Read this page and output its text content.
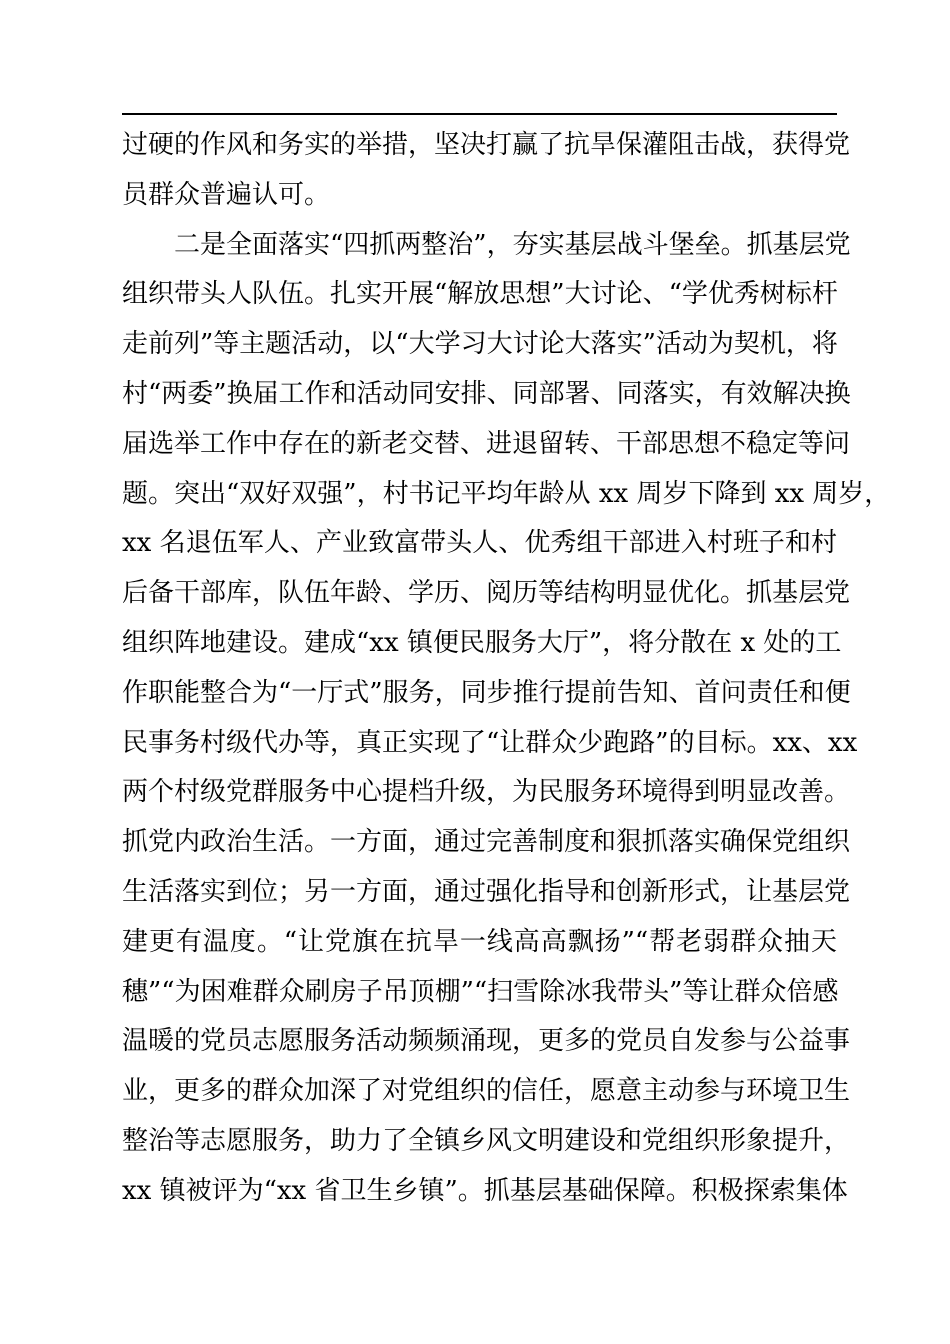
过硬的作风和务实的举措，坚决打赢了抗旱保灌阻击战，获得党
员群众普遍认可。
　　二是全面落实“四抓两整治”，夯实基层战斗堡垒。抓基层党
组织带头人队伍。扎实开展“解放思想”大讨论、“学优秀树标杆
走前列”等主题活动，以“大学习大讨论大落实”活动为契机，将
村“两委”换届工作和活动同安排、同部署、同落实，有效解决换
届选举工作中存在的新老交替、进退留转、干部思想不稳定等问
题。突出“双好双强”，村书记平均年龄从 xx 周岁下降到 xx 周岁，
xx 名退伍军人、产业致富带头人、优秀组干部进入村班子和村
后备干部库，队伍年龄、学历、阅历等结构明显优化。抓基层党
组织阵地建设。建成“xx 镇便民服务大厅”，将分散在 x 处的工
作职能整合为“一厅式”服务，同步推行提前告知、首问责任和便
民事务村级代办等，真正实现了“让群众少跑路”的目标。xx、xx
两个村级党群服务中心提档升级，为民服务环境得到明显改善。
抓党内政治生活。一方面，通过完善制度和狠抓落实确保党组织
生活落实到位；另一方面，通过强化指导和创新形式，让基层党
建更有温度。“让党旗在抗旱一线高高飘扬”“帮老弱群众抽天
穗”“为困难群众刷房子吊顶棚”“扫雪除冰我带头”等让群众倍感
温暖的党员志愿服务活动频频涌现，更多的党员自发参与公益事
业，更多的群众加深了对党组织的信任，愿意主动参与环境卫生
整治等志愿服务，助力了全镇乡风文明建设和党组织形象提升，
xx 镇被评为“xx 省卫生乡镇”。抓基层基础保障。积极探索集体
